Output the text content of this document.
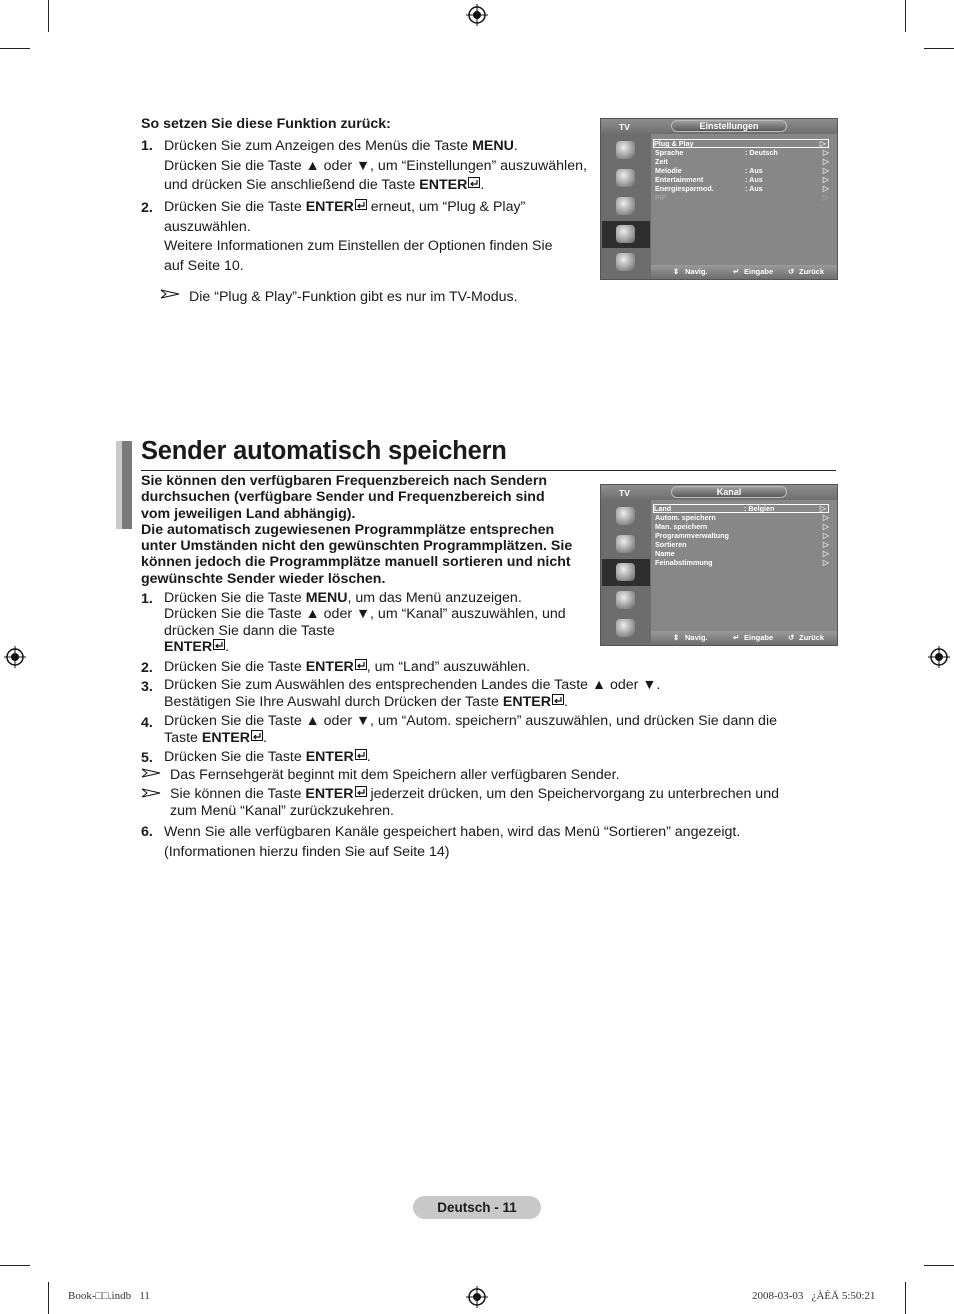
So setzen Sie diese Funktion zurück:
1. Drücken Sie zum Anzeigen des Menüs die Taste MENU.
Drücken Sie die Taste ▲ oder ▼, um “Einstellungen” auszuwählen,
und drücken Sie anschließend die Taste ENTER .
2. Drücken Sie die Taste ENTER erneut, um “Plug & Play”
auszuwählen.
Weitere Informationen zum Einstellen der Optionen finden Sie
auf Seite 10.
Die “Plug & Play”-Funktion gibt es nur im TV-Modus.
TV	Einstellungen
Plug & Play	▷
Sprache	: Deutsch	▷
Zeit	▷
Melodie	: Aus	▷
Entertainment	: Aus	▷
Energiesparmod.	: Aus	▷
PIP	▷
⇕ Navig.	↵ Eingabe ↺ Zurück
Sender automatisch speichern
Sie können den verfügbaren Frequenzbereich nach Sendern
durchsuchen (verfügbare Sender und Frequenzbereich sind
vom jeweiligen Land abhängig).
Die automatisch zugewiesenen Programmplätze entsprechen
unter Umständen nicht den gewünschten Programmplätzen. Sie
können jedoch die Programmplätze manuell sortieren und nicht
gewünschte Sender wieder löschen.
1. Drücken Sie die Taste MENU, um das Menü anzuzeigen.
Drücken Sie die Taste ▲ oder ▼, um “Kanal” auszuwählen, und
drücken Sie dann die Taste
ENTER .
2. Drücken Sie die Taste ENTER , um “Land” auszuwählen.
3. Drücken Sie zum Auswählen des entsprechenden Landes die Taste ▲ oder ▼.
Bestätigen Sie Ihre Auswahl durch Drücken der Taste ENTER .
4. Drücken Sie die Taste ▲ oder ▼, um “Autom. speichern” auszuwählen, und drücken Sie dann die
Taste ENTER .
5. Drücken Sie die Taste ENTER .
Das Fernsehgerät beginnt mit dem Speichern aller verfügbaren Sender.
Sie können die Taste ENTER jederzeit drücken, um den Speichervorgang zu unterbrechen und
zum Menü “Kanal” zurückzukehren.
6. Wenn Sie alle verfügbaren Kanäle gespeichert haben, wird das Menü “Sortieren” angezeigt.
(Informationen hierzu finden Sie auf Seite 14)
TV	Kanal
Land	: Belgien	▷
Autom. speichern	▷
Man. speichern	▷
Programmverwaltung	▷
Sortieren	▷
Name	▷
Feinabstimmung	▷
⇕ Navig.	↵ Eingabe ↺ Zurück
Deutsch - 11
Book-□□.indb   11	2008-03-03   ¿ÀÈÄ 5:50:21
